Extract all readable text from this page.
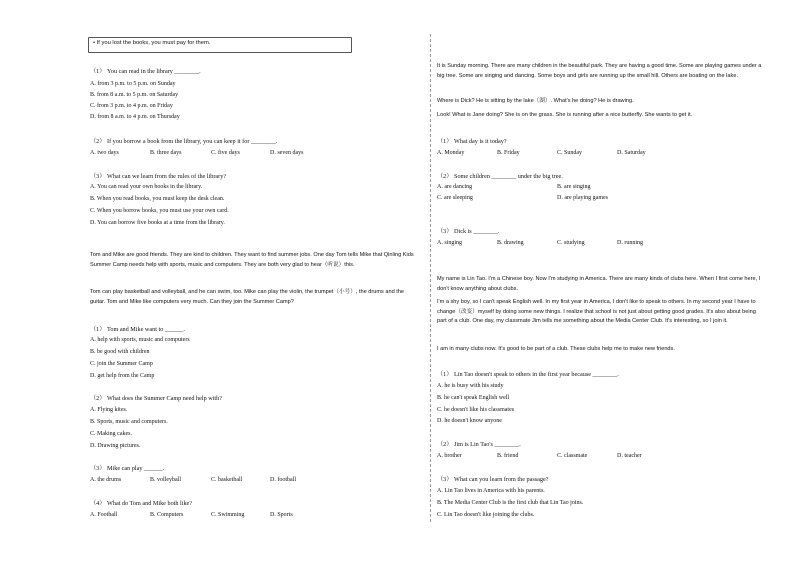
• If you lost the books, you must pay for them.
（1） You can read in the library ________.
A. from 3 p.m. to 5 p.m. on Sunday
B. from 8 a.m. to 5 p.m. on Saturday
C. from 3 p.m. to 4 p.m. on Friday
D. from 8 a.m. to 4 p.m. on Thursday
（2） If you borrow a book from the library, you can keep it for ________.
A. two days	B. three days	C. five days	D. seven days
（3） What can we learn from the rules of the library?
A. You can read your own books in the library.
B. When you read books, you must keep the desk clean.
C. When you borrow books, you must use your own card.
D. You can borrow five books at a time from the library.
Tom and Mike are good friends. They are kind to children. They want to find summer jobs. One day Tom tells Mike that Qinling Kids Summer Camp needs help with sports, music and computers. They are both very glad to hear（听说）this.
Tom can play basketball and volleyball, and he can swim, too. Mike can play the violin, the trumpet（小号）, the drums and the guitar. Tom and Mike like computers very much. Can they join the Summer Camp?
（1） Tom and Mike want to ______.
A. help with sports, music and computers
B. be good with children
C. join the Summer Camp
D. get help from the Camp
（2） What does the Summer Camp need help with?
A. Flying kites.
B. Sports, music and computers.
C. Making cakes.
D. Drawing pictures.
（3） Mike can play ______.
A. the drums	B. volleyball	C. basketball	D. football
（4） What do Tom and Mike both like?
A. Football	B. Computers	C. Swimming	D. Sports
It is Sunday morning. There are many children in the beautiful park. They are having a good time. Some are playing games under a big tree. Some are singing and dancing. Some boys and girls are running up the small hill. Others are boating on the lake.
Where is Dick? He is sitting by the lake（湖）. What's he doing? He is drawing.
Look! What is Jane doing? She is on the grass. She is running after a nice butterfly. She wants to get it.
（1） What day is it today?
A. Monday	B. Friday	C. Sunday	D. Saturday
（2） Some children ________ under the big tree.
A. are dancing	B. are singing
C. are sleeping	D. are playing games
（3） Dick is ________.
A. singing	B. drawing	C. studying	D. running
My name is Lin Tao. I'm a Chinese boy. Now I'm studying in America. There are many kinds of clubs here. When I first come here, I don't know anything about clubs.
I'm a shy boy, so I can't speak English well. In my first year in America, I don't like to speak to others. In my second year I have to change（改变）myself by doing some new things. I realize that school is not just about getting good grades. It's also about being part of a club. One day, my classmate Jim tells me something about the Media Center Club. It's interesting, so I join it.
I am in many clubs now. It's good to be part of a club. These clubs help me to make new friends.
（1） Lin Tao doesn't speak to others in the first year because ________.
A. he is busy with his study
B. he can't speak English well
C. he doesn't like his classmates
D. he doesn't know anyone
（2） Jim is Lin Tao's ________.
A. brother	B. friend	C. classmate	D. teacher
（3） What can you learn from the passage?
A. Lin Tao lives in America with his parents.
B. The Media Center Club is the first club that Lin Tao joins.
C. Lin Tao doesn't like joining the clubs.
